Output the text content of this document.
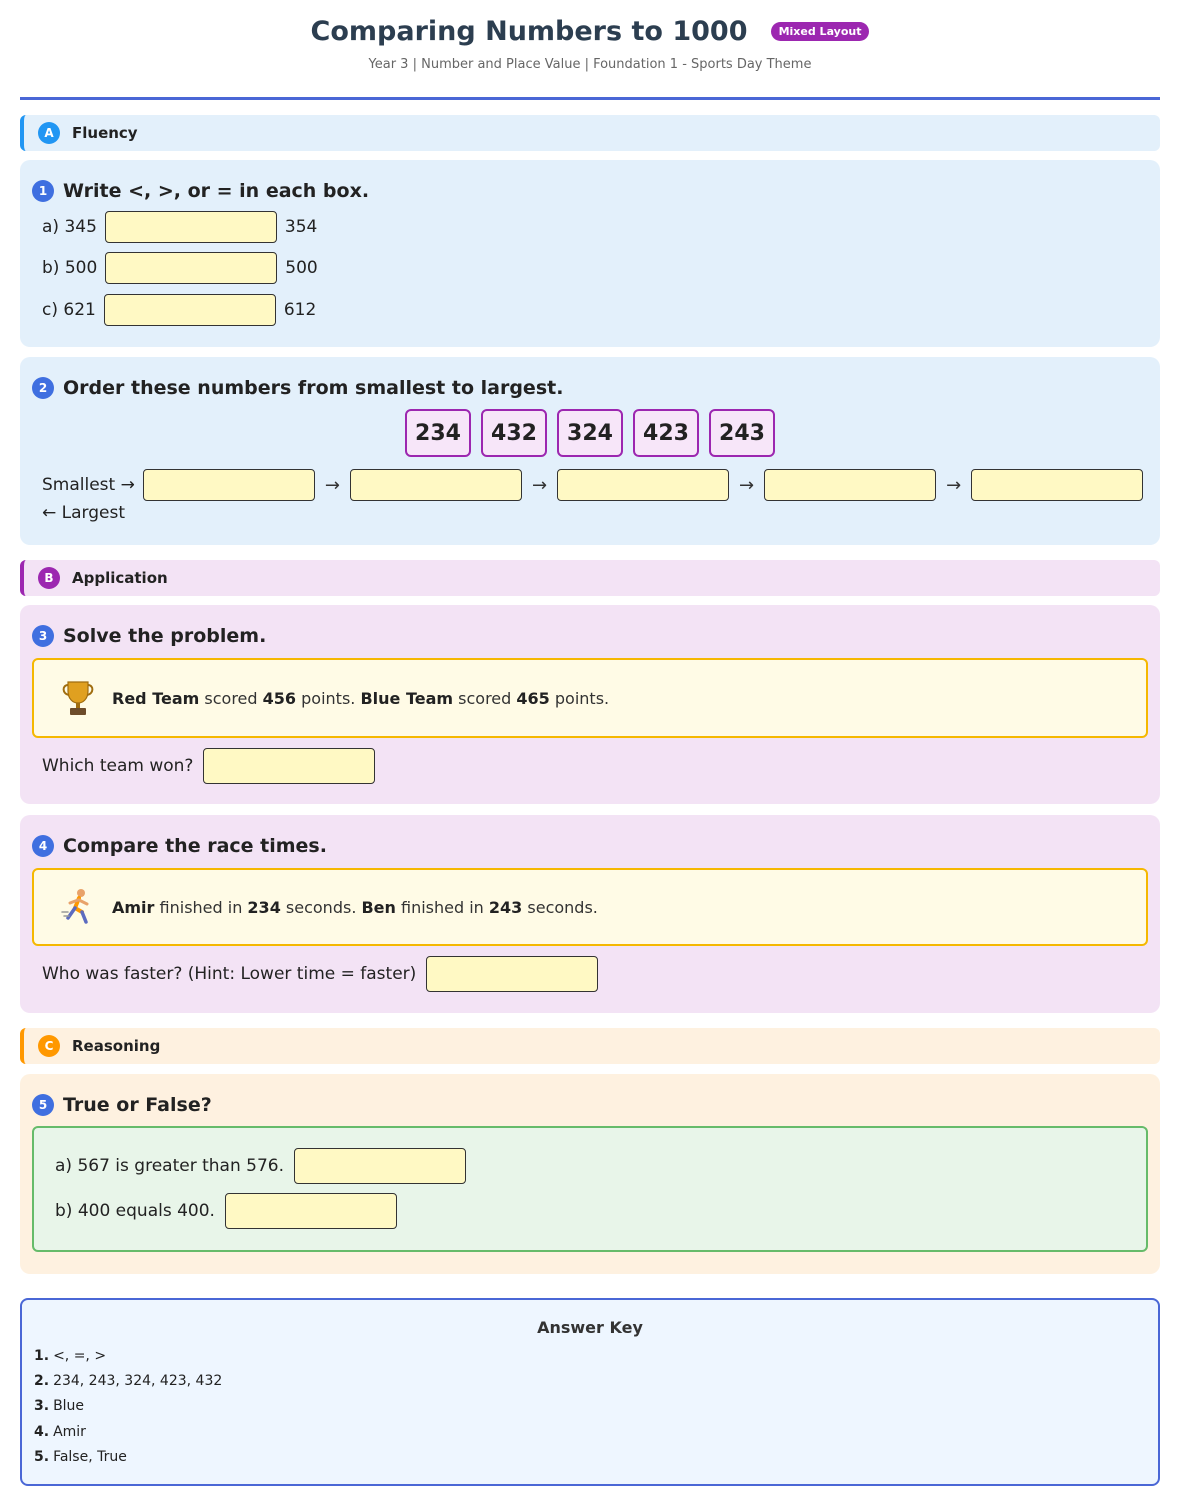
Comparing Numbers to 1000	Mixed Layout
Year 3 | Number and Place Value | Foundation 1 - Sports Day Theme
A	Fluency
1 Write <, >, or = in each box.
a) 345	354
b) 500	500
c) 621	612
2 Order these numbers from smallest to largest.
234	432	324	423	243
Smallest →	→	→	→	→
← Largest
B	Application
3 Solve the problem.
Red Team scored 456 points. Blue Team scored 465 points.
Which team won?
4 Compare the race times.
Amir finished in 234 seconds. Ben finished in 243 seconds.
Who was faster? (Hint: Lower time = faster)
C	Reasoning
5 True or False?
a) 567 is greater than 576.
b) 400 equals 400.
Answer Key
1. <, =, >
2. 234, 243, 324, 423, 432
3. Blue
4. Amir
5. False, True
